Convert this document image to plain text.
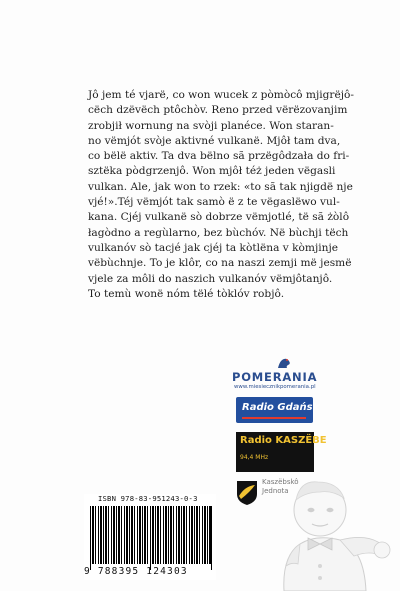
Jô jem té vjarë, co won wucek z pòmòcô mjigrëjô-
cëch dzëvëch ptôchòv. Reno przed vërëzovanjim
zrobjił wornung na svòji planéce. Won staran-
no vëmjót svòje aktivné vulkanë. Mjôł tam dva,
co bëlë aktiv. Ta dva bëlno sã przëgôdzała do fri-
sztëka pòdgrzenjô. Won mjôł téż jeden vëgasli
vulkan. Ale, jak won to rzek: «to sã tak njigdë nje
vjé!».Téj vëmjót tak samò ë z te vëgaslëwo vul-
kana. Cjéj vulkanë sò dobrze vëmjotlé, të sã żòlô
łagòdno a regùlarno, bez bùchóv. Në bùchji tëch
vulkanóv sò tacjé jak cjéj ta kòtlëna v kòmjinje
vëbùchnje. To je klôr, co na naszi zemji më jesmë
vjele za môli do naszich vulkanóv vëmjôtanjô.
To temù wonë nóm tëlé tòklóv robjô.
POMERANIA
www.miesiecznikpomerania.pl
Radio Gdańsk
Radio KASZËBE
94,4 MHz
Kaszëbskô
Jednota
ISBN 978-83-951243-0-3
9 788395 124303
